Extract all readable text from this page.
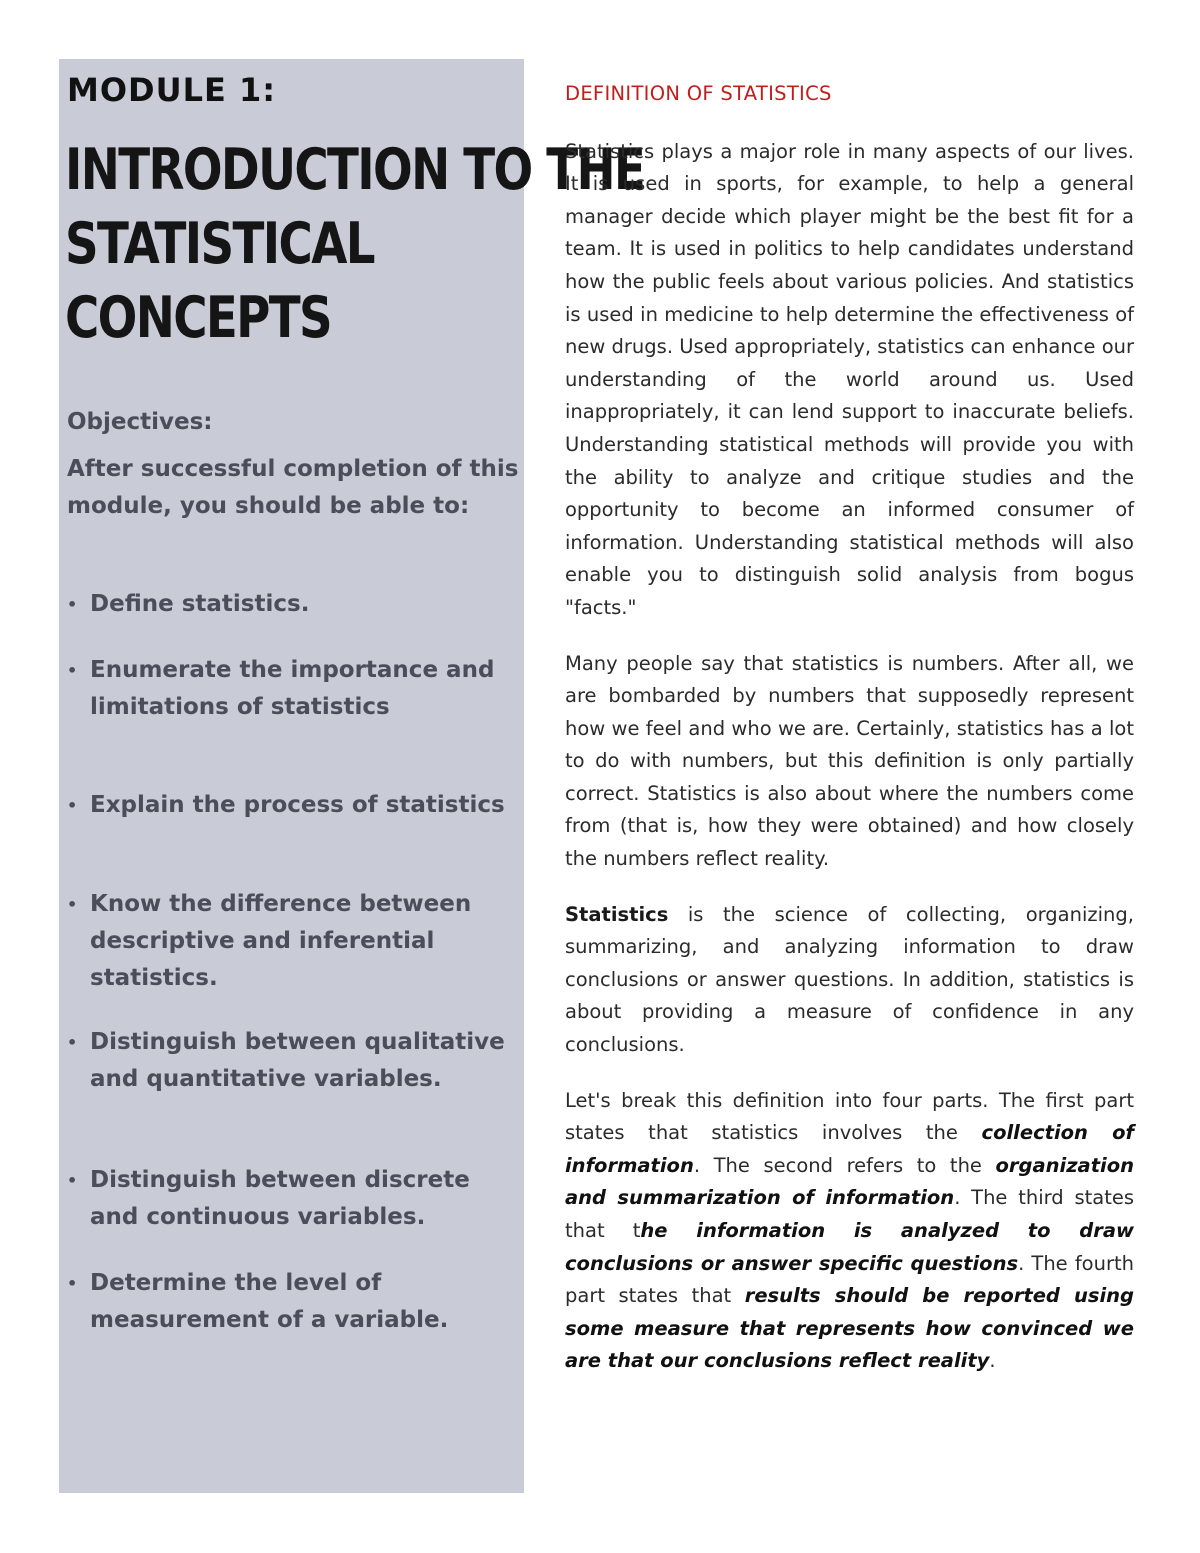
MODULE 1:
INTRODUCTION TO THE
STATISTICAL
CONCEPTS
Objectives:
After successful completion of this module, you should be able to:
• Define statistics.
• Enumerate the importance and limitations of statistics
• Explain the process of statistics
• Know the difference between descriptive and inferential statistics.
• Distinguish between qualitative and quantitative variables.
• Distinguish between discrete and continuous variables.
• Determine the level of measurement of a variable.
DEFINITION OF STATISTICS

Statistics plays a major role in many aspects of our lives. It is used in sports, for example, to help a general manager decide which player might be the best fit for a team. It is used in politics to help candidates understand how the public feels about various policies. And statistics is used in medicine to help determine the effectiveness of new drugs. Used appropriately, statistics can enhance our understanding of the world around us. Used inappropriately, it can lend support to inaccurate beliefs. Understanding statistical methods will provide you with the ability to analyze and critique studies and the opportunity to become an informed consumer of information. Understanding statistical methods will also enable you to distinguish solid analysis from bogus "facts."

Many people say that statistics is numbers. After all, we are bombarded by numbers that supposedly represent how we feel and who we are. Certainly, statistics has a lot to do with numbers, but this definition is only partially correct. Statistics is also about where the numbers come from (that is, how they were obtained) and how closely the numbers reflect reality.

Statistics is the science of collecting, organizing, summarizing, and analyzing information to draw conclusions or answer questions. In addition, statistics is about providing a measure of confidence in any conclusions.

Let's break this definition into four parts. The first part states that statistics involves the collection of information. The second refers to the organization and summarization of information. The third states that the information is analyzed to draw conclusions or answer specific questions. The fourth part states that results should be reported using some measure that represents how convinced we are that our conclusions reflect reality.
